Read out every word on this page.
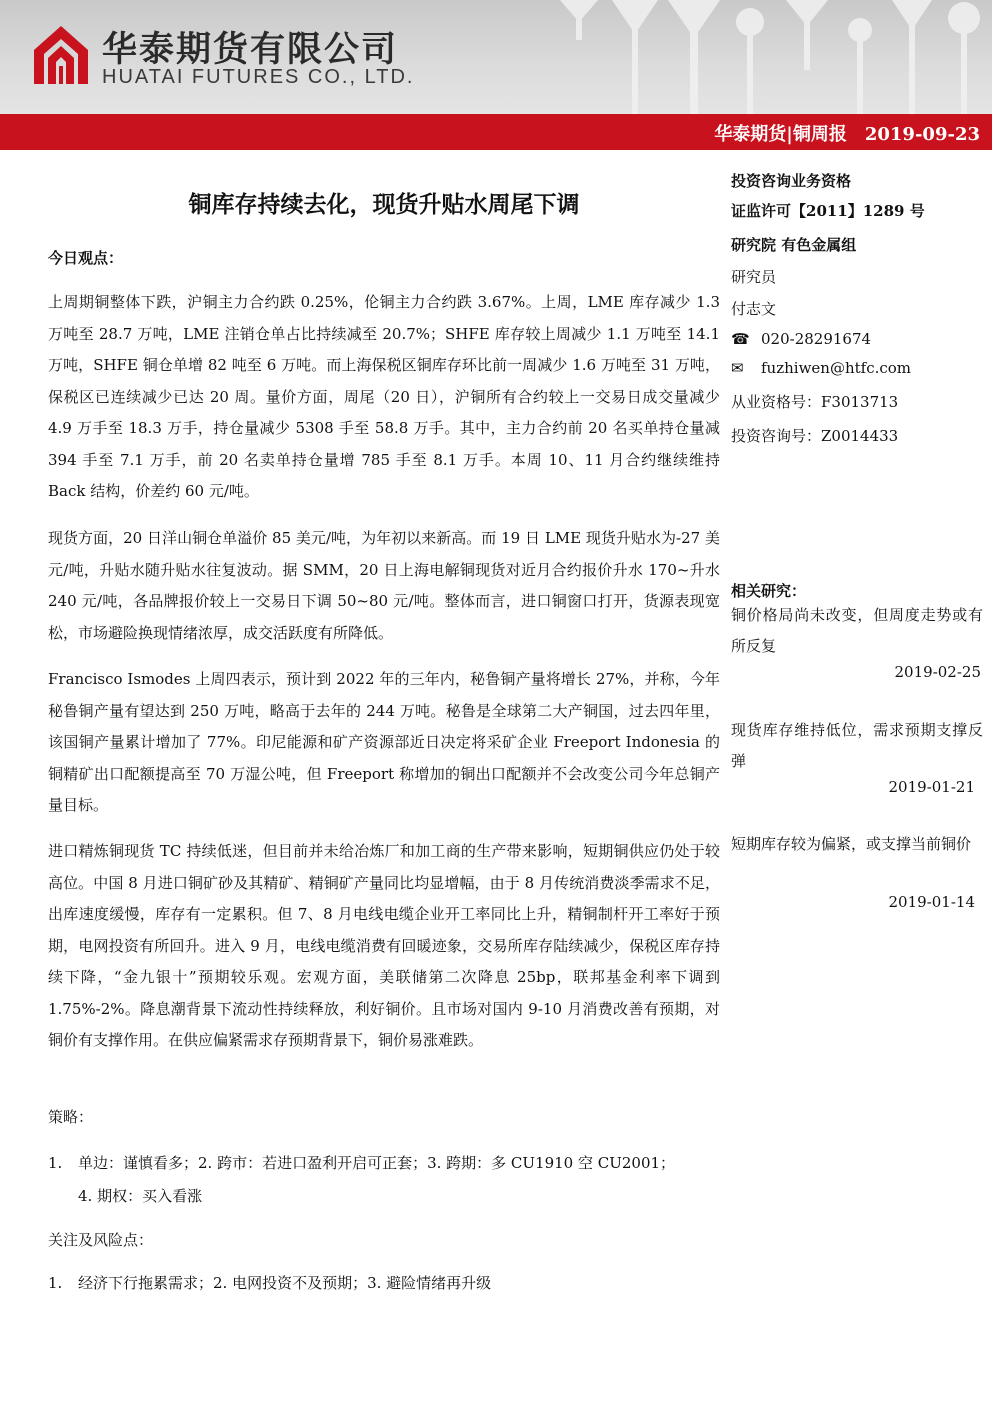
华泰期货有限公司
HUATAI FUTURES CO., LTD.
华泰期货|铜周报　2019-09-23
铜库存持续去化，现货升贴水周尾下调

今日观点：

上周期铜整体下跌，沪铜主力合约跌 0.25%，伦铜主力合约跌 3.67%。上周，LME 库存减少 1.3 万吨至 28.7 万吨，LME 注销仓单占比持续减至 20.7%；SHFE 库存较上周减少 1.1 万吨至 14.1 万吨，SHFE 铜仓单增 82 吨至 6 万吨。而上海保税区铜库存环比前一周减少 1.6 万吨至 31 万吨，保税区已连续减少已达 20 周。量价方面，周尾（20 日），沪铜所有合约较上一交易日成交量减少 4.9 万手至 18.3 万手，持仓量减少 5308 手至 58.8 万手。其中，主力合约前 20 名买单持仓量减 394 手至 7.1 万手，前 20 名卖单持仓量增 785 手至 8.1 万手。本周 10、11 月合约继续维持 Back 结构，价差约 60 元/吨。

现货方面，20 日洋山铜仓单溢价 85 美元/吨，为年初以来新高。而 19 日 LME 现货升贴水为-27 美元/吨，升贴水随升贴水往复波动。据 SMM，20 日上海电解铜现货对近月合约报价升水 170~升水 240 元/吨，各品牌报价较上一交易日下调 50~80 元/吨。整体而言，进口铜窗口打开，货源表现宽松，市场避险换现情绪浓厚，成交活跃度有所降低。

Francisco Ismodes 上周四表示，预计到 2022 年的三年内，秘鲁铜产量将增长 27%，并称，今年秘鲁铜产量有望达到 250 万吨，略高于去年的 244 万吨。秘鲁是全球第二大产铜国，过去四年里，该国铜产量累计增加了 77%。印尼能源和矿产资源部近日决定将采矿企业 Freeport Indonesia 的铜精矿出口配额提高至 70 万湿公吨，但 Freeport 称增加的铜出口配额并不会改变公司今年总铜产量目标。

进口精炼铜现货 TC 持续低迷，但目前并未给冶炼厂和加工商的生产带来影响，短期铜供应仍处于较高位。中国 8 月进口铜矿砂及其精矿、精铜矿产量同比均显增幅，由于 8 月传统消费淡季需求不足，出库速度缓慢，库存有一定累积。但 7、8 月电线电缆企业开工率同比上升，精铜制杆开工率好于预期，电网投资有所回升。进入 9 月，电线电缆消费有回暖迹象，交易所库存陆续减少，保税区库存持续下降，“金九银十”预期较乐观。宏观方面，美联储第二次降息 25bp，联邦基金利率下调到 1.75%-2%。降息潮背景下流动性持续释放，利好铜价。且市场对国内 9-10 月消费改善有预期，对铜价有支撑作用。在供应偏紧需求存预期背景下，铜价易涨难跌。

策略：

1. 单边：谨慎看多；2. 跨市：若进口盈利开启可正套；3. 跨期：多 CU1910 空 CU2001；
4. 期权：买入看涨

关注及风险点：

1. 经济下行拖累需求；2. 电网投资不及预期；3. 避险情绪再升级

投资咨询业务资格

证监许可【2011】1289 号

研究院 有色金属组

研究员

付志文

☎ 020-28291674

✉ fuzhiwen@htfc.com

从业资格号：F3013713

投资咨询号：Z0014433

相关研究：

铜价格局尚未改变，但周度走势或有所反复

2019-02-25

现货库存维持低位，需求预期支撑反弹

2019-01-21

短期库存较为偏紧，或支撑当前铜价

2019-01-14
